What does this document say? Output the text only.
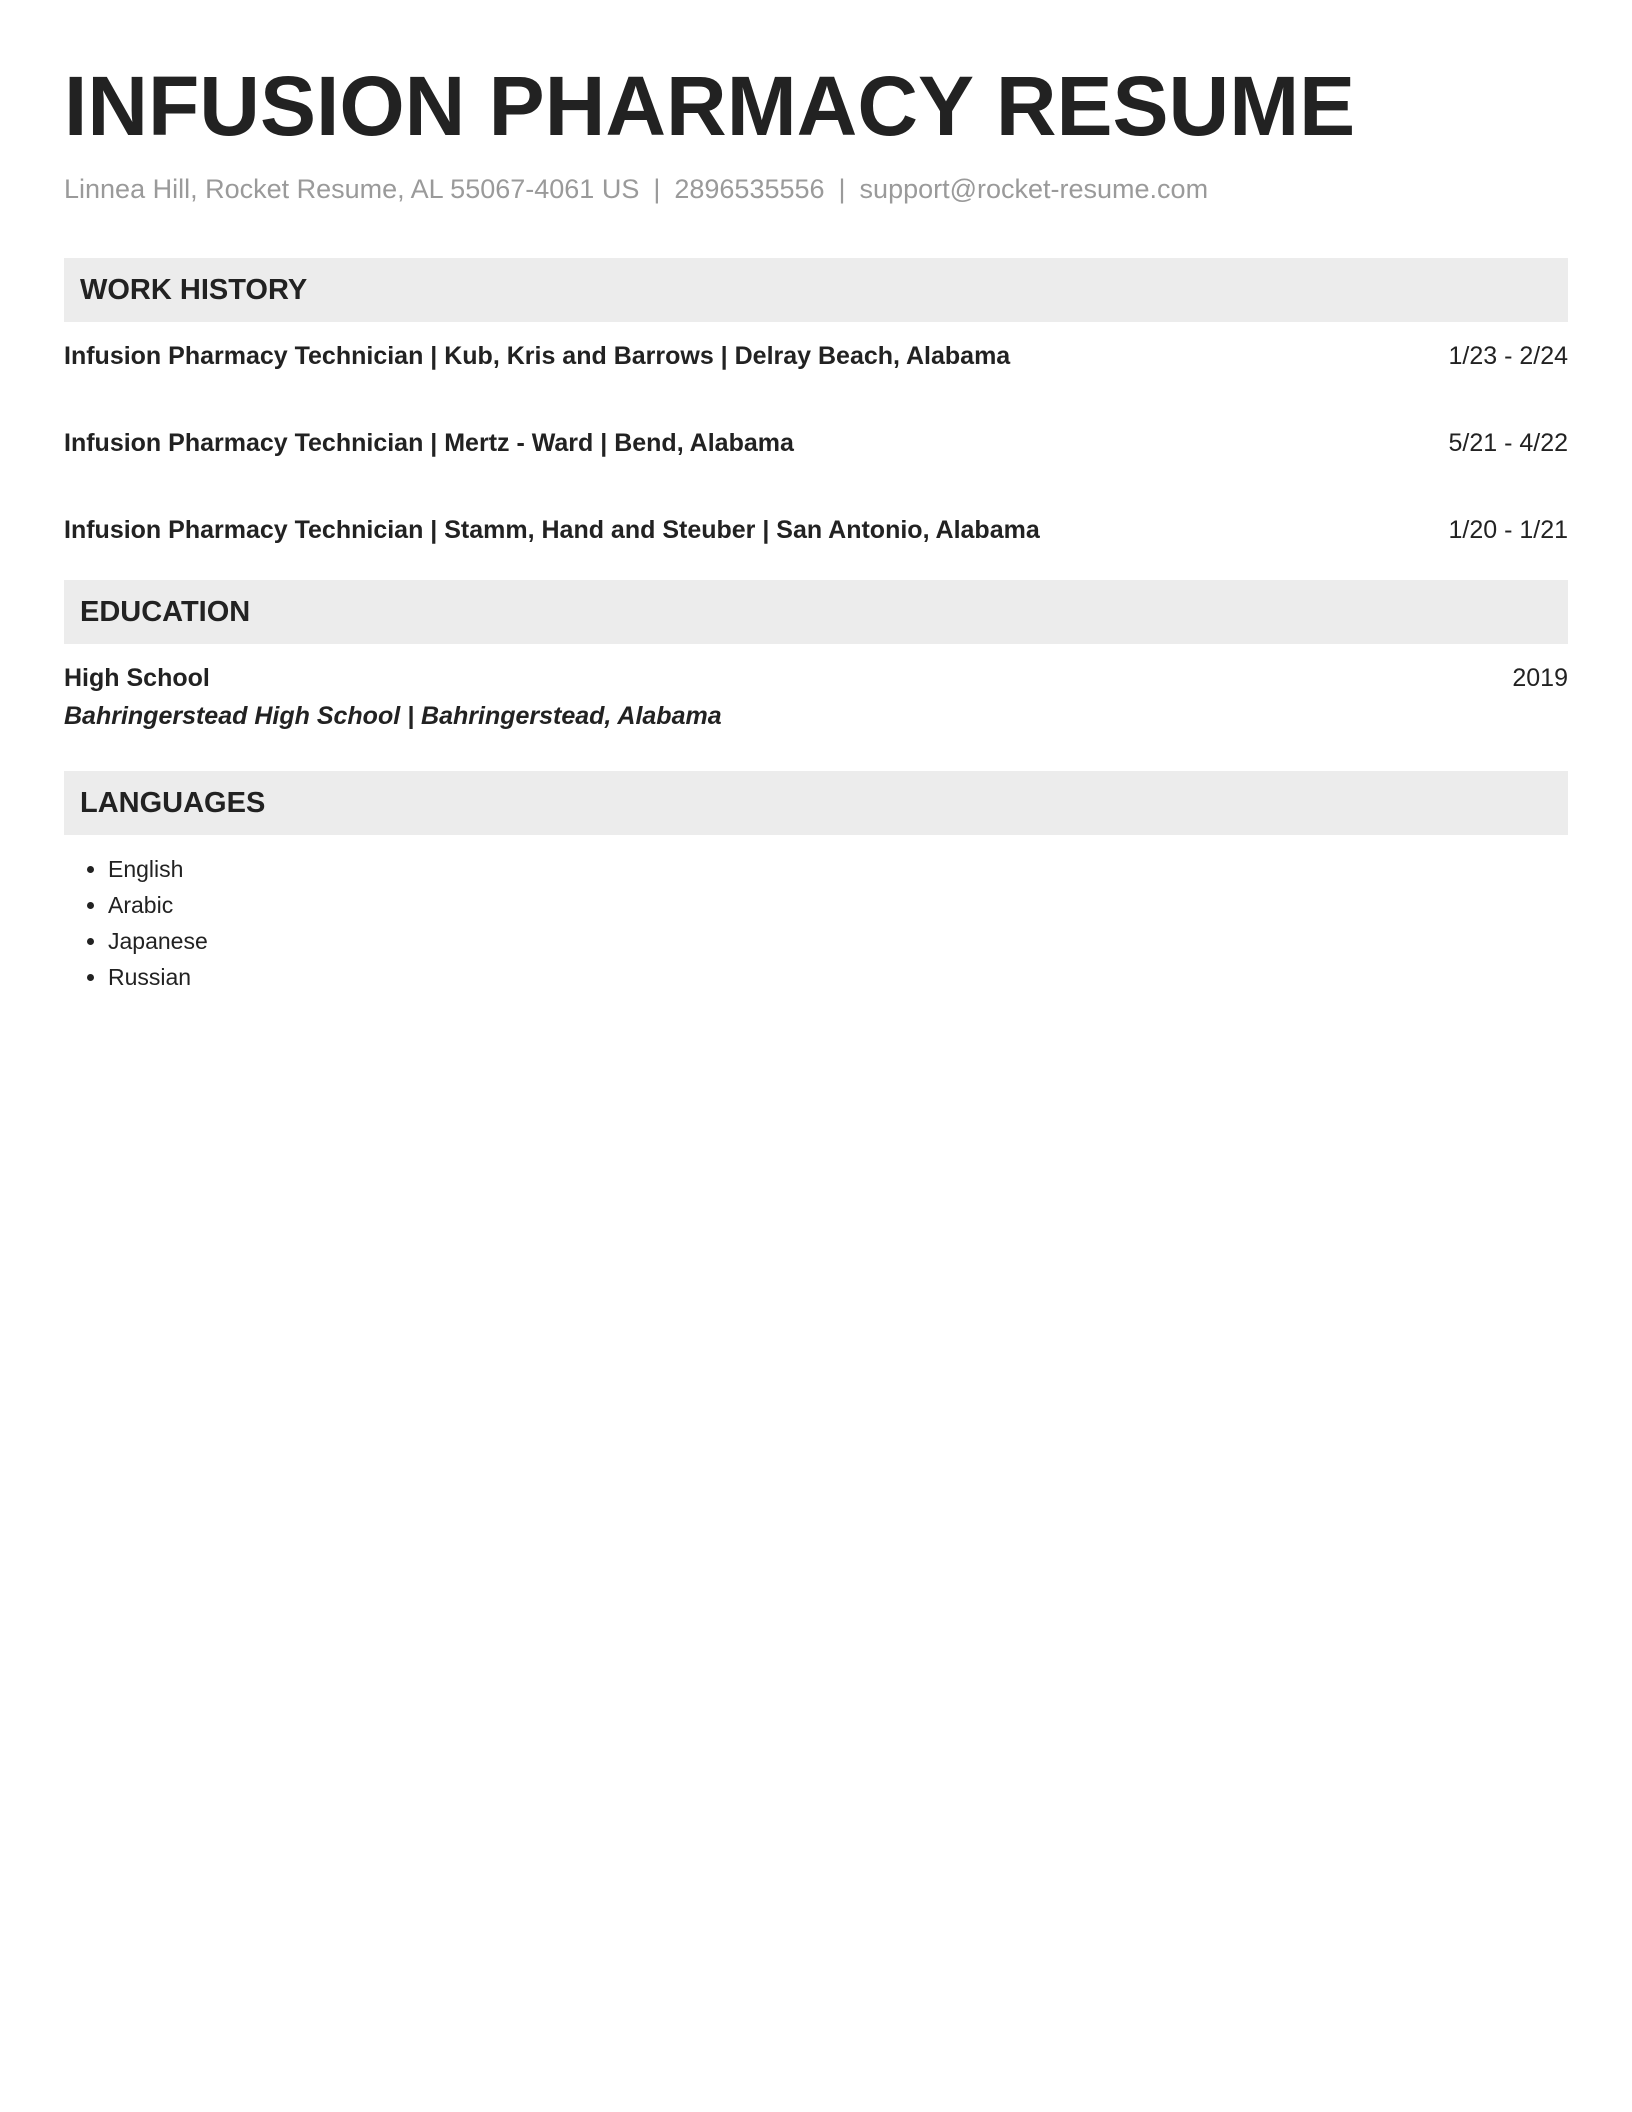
INFUSION PHARMACY RESUME
Linnea Hill, Rocket Resume, AL 55067-4061 US | 2896535556 | support@rocket-resume.com
WORK HISTORY
Infusion Pharmacy Technician | Kub, Kris and Barrows | Delray Beach, Alabama	1/23 - 2/24
Infusion Pharmacy Technician | Mertz - Ward | Bend, Alabama	5/21 - 4/22
Infusion Pharmacy Technician | Stamm, Hand and Steuber | San Antonio, Alabama	1/20 - 1/21
EDUCATION
High School	2019
Bahringerstead High School | Bahringerstead, Alabama
LANGUAGES
• English
• Arabic
• Japanese
• Russian
